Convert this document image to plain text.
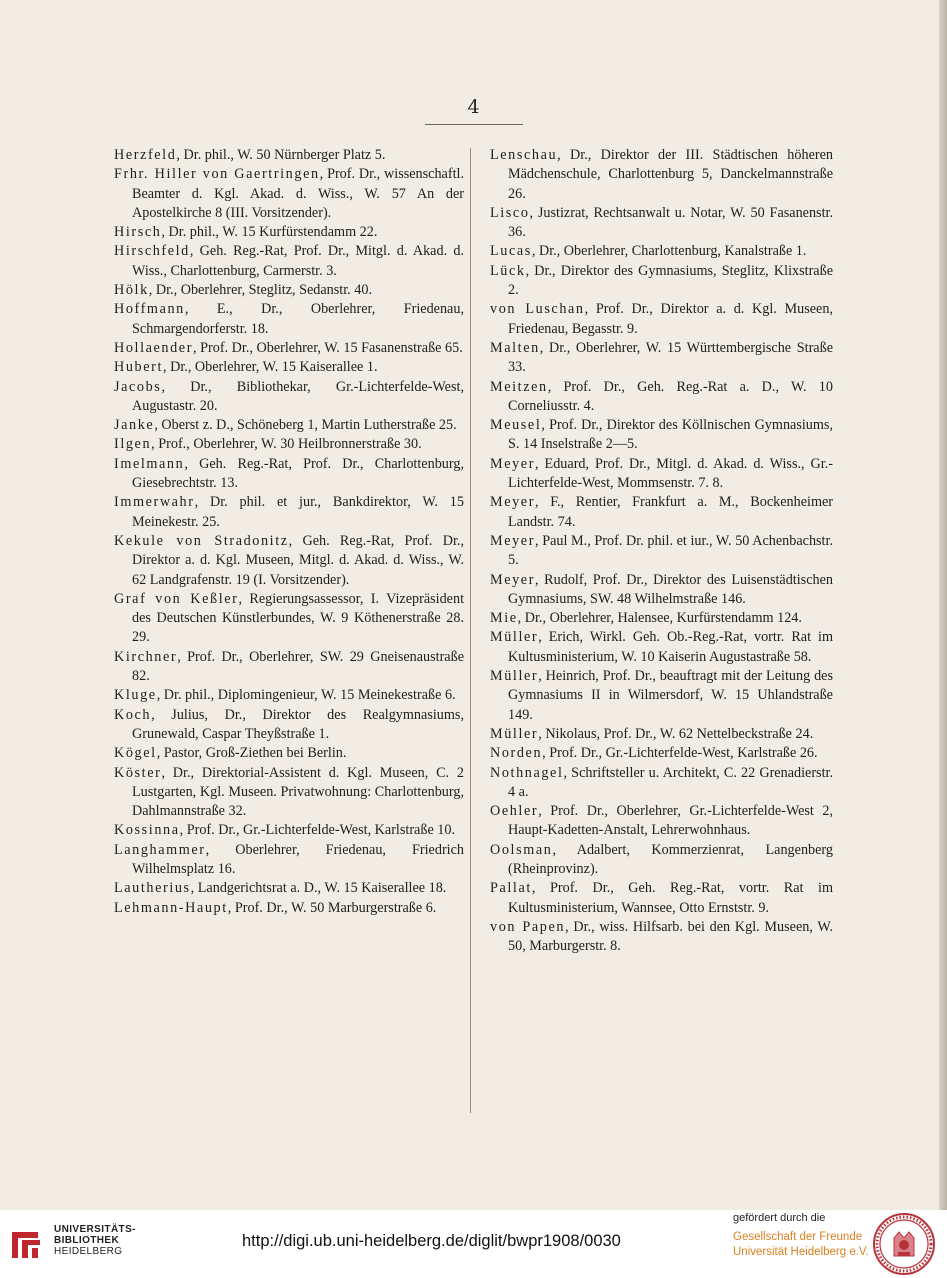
4

Herzfeld, Dr. phil., W. 50 Nürnberger Platz 5.

Frhr. Hiller von Gaertringen, Prof. Dr., wissenschaftl. Beamter d. Kgl. Akad. d. Wiss., W. 57 An der Apostelkirche 8 (III. Vorsitzender).

Hirsch, Dr. phil., W. 15 Kurfürstendamm 22.

Hirschfeld, Geh. Reg.-Rat, Prof. Dr., Mitgl. d. Akad. d. Wiss., Charlottenburg, Carmerstr. 3.

Hölk, Dr., Oberlehrer, Steglitz, Sedanstr. 40.

Hoffmann, E., Dr., Oberlehrer, Friedenau, Schmargendorferstr. 18.

Hollaender, Prof. Dr., Oberlehrer, W. 15 Fasanenstraße 65.

Hubert, Dr., Oberlehrer, W. 15 Kaiserallee 1.

Jacobs, Dr., Bibliothekar, Gr.-Lichterfelde-West, Augustastr. 20.

Janke, Oberst z. D., Schöneberg 1, Martin Lutherstraße 25.

Ilgen, Prof., Oberlehrer, W. 30 Heilbronnerstraße 30.

Imelmann, Geh. Reg.-Rat, Prof. Dr., Charlottenburg, Giesebrechtstr. 13.

Immerwahr, Dr. phil. et jur., Bankdirektor, W. 15 Meinekestr. 25.

Kekule von Stradonitz, Geh. Reg.-Rat, Prof. Dr., Direktor a. d. Kgl. Museen, Mitgl. d. Akad. d. Wiss., W. 62 Landgrafenstr. 19 (I. Vorsitzender).

Graf von Keßler, Regierungsassessor, I. Vizepräsident des Deutschen Künstlerbundes, W. 9 Köthenerstraße 28. 29.

Kirchner, Prof. Dr., Oberlehrer, SW. 29 Gneisenaustraße 82.

Kluge, Dr. phil., Diplomingenieur, W. 15 Meinekestraße 6.

Koch, Julius, Dr., Direktor des Realgymnasiums, Grunewald, Caspar Theyßstraße 1.

Kögel, Pastor, Groß-Ziethen bei Berlin.

Köster, Dr., Direktorial-Assistent d. Kgl. Museen, C. 2 Lustgarten, Kgl. Museen. Privatwohnung: Charlottenburg, Dahlmannstraße 32.

Kossinna, Prof. Dr., Gr.-Lichterfelde-West, Karlstraße 10.

Langhammer, Oberlehrer, Friedenau, Friedrich Wilhelmsplatz 16.

Lautherius, Landgerichtsrat a. D., W. 15 Kaiserallee 18.

Lehmann-Haupt, Prof. Dr., W. 50 Marburgerstraße 6.

Lenschau, Dr., Direktor der III. Städtischen höheren Mädchenschule, Charlottenburg 5, Danckelmannstraße 26.

Lisco, Justizrat, Rechtsanwalt u. Notar, W. 50 Fasanenstr. 36.

Lucas, Dr., Oberlehrer, Charlottenburg, Kanalstraße 1.

Lück, Dr., Direktor des Gymnasiums, Steglitz, Klixstraße 2.

von Luschan, Prof. Dr., Direktor a. d. Kgl. Museen, Friedenau, Begasstr. 9.

Malten, Dr., Oberlehrer, W. 15 Württembergische Straße 33.

Meitzen, Prof. Dr., Geh. Reg.-Rat a. D., W. 10 Corneliusstr. 4.

Meusel, Prof. Dr., Direktor des Köllnischen Gymnasiums, S. 14 Inselstraße 2—5.

Meyer, Eduard, Prof. Dr., Mitgl. d. Akad. d. Wiss., Gr.-Lichterfelde-West, Mommsenstr. 7. 8.

Meyer, F., Rentier, Frankfurt a. M., Bockenheimer Landstr. 74.

Meyer, Paul M., Prof. Dr. phil. et iur., W. 50 Achenbachstr. 5.

Meyer, Rudolf, Prof. Dr., Direktor des Luisenstädtischen Gymnasiums, SW. 48 Wilhelmstraße 146.

Mie, Dr., Oberlehrer, Halensee, Kurfürstendamm 124.

Müller, Erich, Wirkl. Geh. Ob.-Reg.-Rat, vortr. Rat im Kultusministerium, W. 10 Kaiserin Augustastraße 58.

Müller, Heinrich, Prof. Dr., beauftragt mit der Leitung des Gymnasiums II in Wilmersdorf, W. 15 Uhlandstraße 149.

Müller, Nikolaus, Prof. Dr., W. 62 Nettelbeckstraße 24.

Norden, Prof. Dr., Gr.-Lichterfelde-West, Karlstraße 26.

Nothnagel, Schriftsteller u. Architekt, C. 22 Grenadierstr. 4 a.

Oehler, Prof. Dr., Oberlehrer, Gr.-Lichterfelde-West 2, Haupt-Kadetten-Anstalt, Lehrerwohnhaus.

Oolsman, Adalbert, Kommerzienrat, Langenberg (Rheinprovinz).

Pallat, Prof. Dr., Geh. Reg.-Rat, vortr. Rat im Kultusministerium, Wannsee, Otto Ernststr. 9.

von Papen, Dr., wiss. Hilfsarb. bei den Kgl. Museen, W. 50, Marburgerstr. 8.

UNIVERSITÄTS-
BIBLIOTHEK
HEIDELBERG
http://digi.ub.uni-heidelberg.de/diglit/bwpr1908/0030
gefördert durch die
Gesellschaft der Freunde
Universität Heidelberg e.V.
